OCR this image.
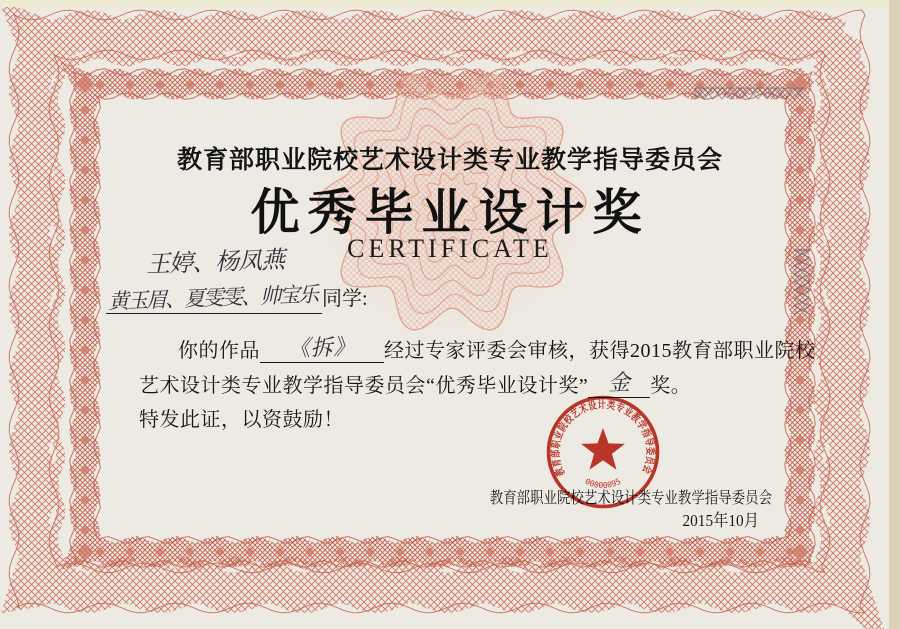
教育部职业院校艺术设计类专业教学指导委员会
优秀毕业设计奖
CERTIFICATE
王婷、杨凤燕
黄玉眉、夏雯雯、帅宝乐 同学:
你的作品 《拆》 经过专家评委会审核，获得2015教育部职业院校
艺术设计类专业教学指导委员会“优秀毕业设计奖” 金 奖。
特发此证，以资鼓励！
教育部职业院校艺术设计类专业教学指导委员会
2015年10月
教育部职业院校艺术设计类专业教学指导委员会
00000095
